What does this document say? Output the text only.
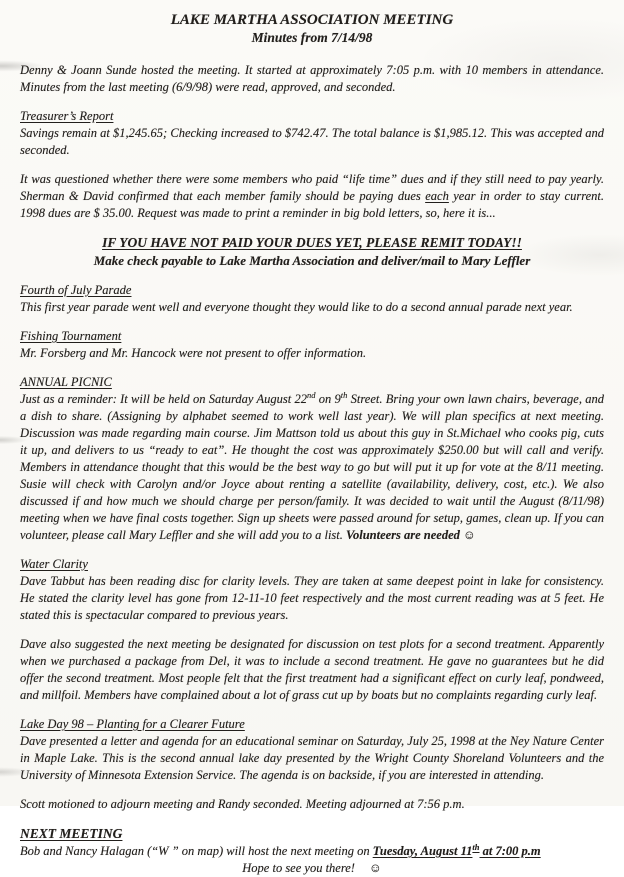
LAKE MARTHA ASSOCIATION MEETING
Minutes from 7/14/98

Denny & Joann Sunde hosted the meeting. It started at approximately 7:05 p.m. with 10 members in attendance. Minutes from the last meeting (6/9/98) were read, approved, and seconded.

Treasurer’s Report
Savings remain at $1,245.65; Checking increased to $742.47. The total balance is $1,985.12. This was accepted and seconded.

It was questioned whether there were some members who paid “life time” dues and if they still need to pay yearly. Sherman & David confirmed that each member family should be paying dues each year in order to stay current. 1998 dues are $ 35.00. Request was made to print a reminder in big bold letters, so, here it is...

IF YOU HAVE NOT PAID YOUR DUES YET, PLEASE REMIT TODAY!!
Make check payable to Lake Martha Association and deliver/mail to Mary Leffler
Fourth of July Parade
This first year parade went well and everyone thought they would like to do a second annual parade next year.
Fishing Tournament
Mr. Forsberg and Mr. Hancock were not present to offer information.
ANNUAL PICNIC
Just as a reminder: It will be held on Saturday August 22nd on 9th Street. Bring your own lawn chairs, beverage, and a dish to share. (Assigning by alphabet seemed to work well last year). We will plan specifics at next meeting. Discussion was made regarding main course. Jim Mattson told us about this guy in St.Michael who cooks pig, cuts it up, and delivers to us “ready to eat”. He thought the cost was approximately $250.00 but will call and verify. Members in attendance thought that this would be the best way to go but will put it up for vote at the 8/11 meeting. Susie will check with Carolyn and/or Joyce about renting a satellite (availability, delivery, cost, etc.). We also discussed if and how much we should charge per person/family. It was decided to wait until the August (8/11/98) meeting when we have final costs together. Sign up sheets were passed around for setup, games, clean up. If you can volunteer, please call Mary Leffler and she will add you to a list. Volunteers are needed ☺
Water Clarity
Dave Tabbut has been reading disc for clarity levels. They are taken at same deepest point in lake for consistency. He stated the clarity level has gone from 12-11-10 feet respectively and the most current reading was at 5 feet. He stated this is spectacular compared to previous years.

Dave also suggested the next meeting be designated for discussion on test plots for a second treatment. Apparently when we purchased a package from Del, it was to include a second treatment. He gave no guarantees but he did offer the second treatment. Most people felt that the first treatment had a significant effect on curly leaf, pondweed, and millfoil. Members have complained about a lot of grass cut up by boats but no complaints regarding curly leaf.

Lake Day 98 – Planting for a Clearer Future
Dave presented a letter and agenda for an educational seminar on Saturday, July 25, 1998 at the Ney Nature Center in Maple Lake. This is the second annual lake day presented by the Wright County Shoreland Volunteers and the University of Minnesota Extension Service. The agenda is on backside, if you are interested in attending.

Scott motioned to adjourn meeting and Randy seconded. Meeting adjourned at 7:56 p.m.

NEXT MEETING
Bob and Nancy Halagan (“W ” on map) will host the next meeting on Tuesday, August 11th at 7:00 p.m
Hope to see you there! ☺
